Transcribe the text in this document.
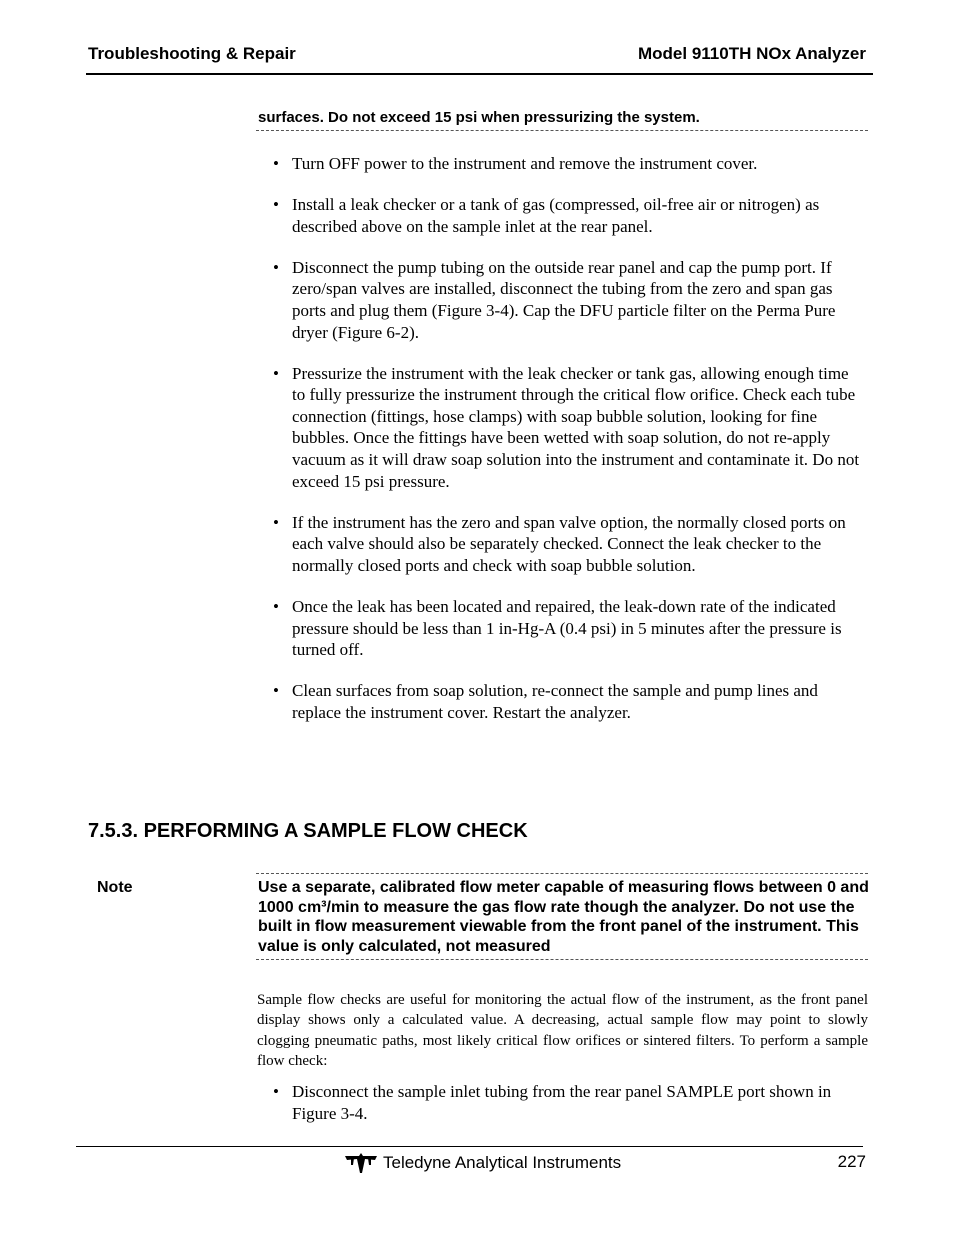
Troubleshooting & Repair	Model 9110TH NOx Analyzer
surfaces. Do not exceed 15 psi when pressurizing the system.
• Turn OFF power to the instrument and remove the instrument cover.
• Install a leak checker or a tank of gas (compressed, oil-free air or nitrogen) as described above on the sample inlet at the rear panel.
• Disconnect the pump tubing on the outside rear panel and cap the pump port. If zero/span valves are installed, disconnect the tubing from the zero and span gas ports and plug them (Figure 3-4). Cap the DFU particle filter on the Perma Pure dryer (Figure 6-2).
• Pressurize the instrument with the leak checker or tank gas, allowing enough time to fully pressurize the instrument through the critical flow orifice. Check each tube connection (fittings, hose clamps) with soap bubble solution, looking for fine bubbles. Once the fittings have been wetted with soap solution, do not re-apply vacuum as it will draw soap solution into the instrument and contaminate it. Do not exceed 15 psi pressure.
• If the instrument has the zero and span valve option, the normally closed ports on each valve should also be separately checked. Connect the leak checker to the normally closed ports and check with soap bubble solution.
• Once the leak has been located and repaired, the leak-down rate of the indicated pressure should be less than 1 in-Hg-A (0.4 psi) in 5 minutes after the pressure is turned off.
• Clean surfaces from soap solution, re-connect the sample and pump lines and replace the instrument cover. Restart the analyzer.
7.5.3. PERFORMING A SAMPLE FLOW CHECK
Note	Use a separate, calibrated flow meter capable of measuring flows between 0 and 1000 cm³/min to measure the gas flow rate though the analyzer. Do not use the built in flow measurement viewable from the front panel of the instrument. This value is only calculated, not measured
Sample flow checks are useful for monitoring the actual flow of the instrument, as the front panel display shows only a calculated value. A decreasing, actual sample flow may point to slowly clogging pneumatic paths, most likely critical flow orifices or sintered filters. To perform a sample flow check:
• Disconnect the sample inlet tubing from the rear panel SAMPLE port shown in Figure 3-4.
Teledyne Analytical Instruments	227
